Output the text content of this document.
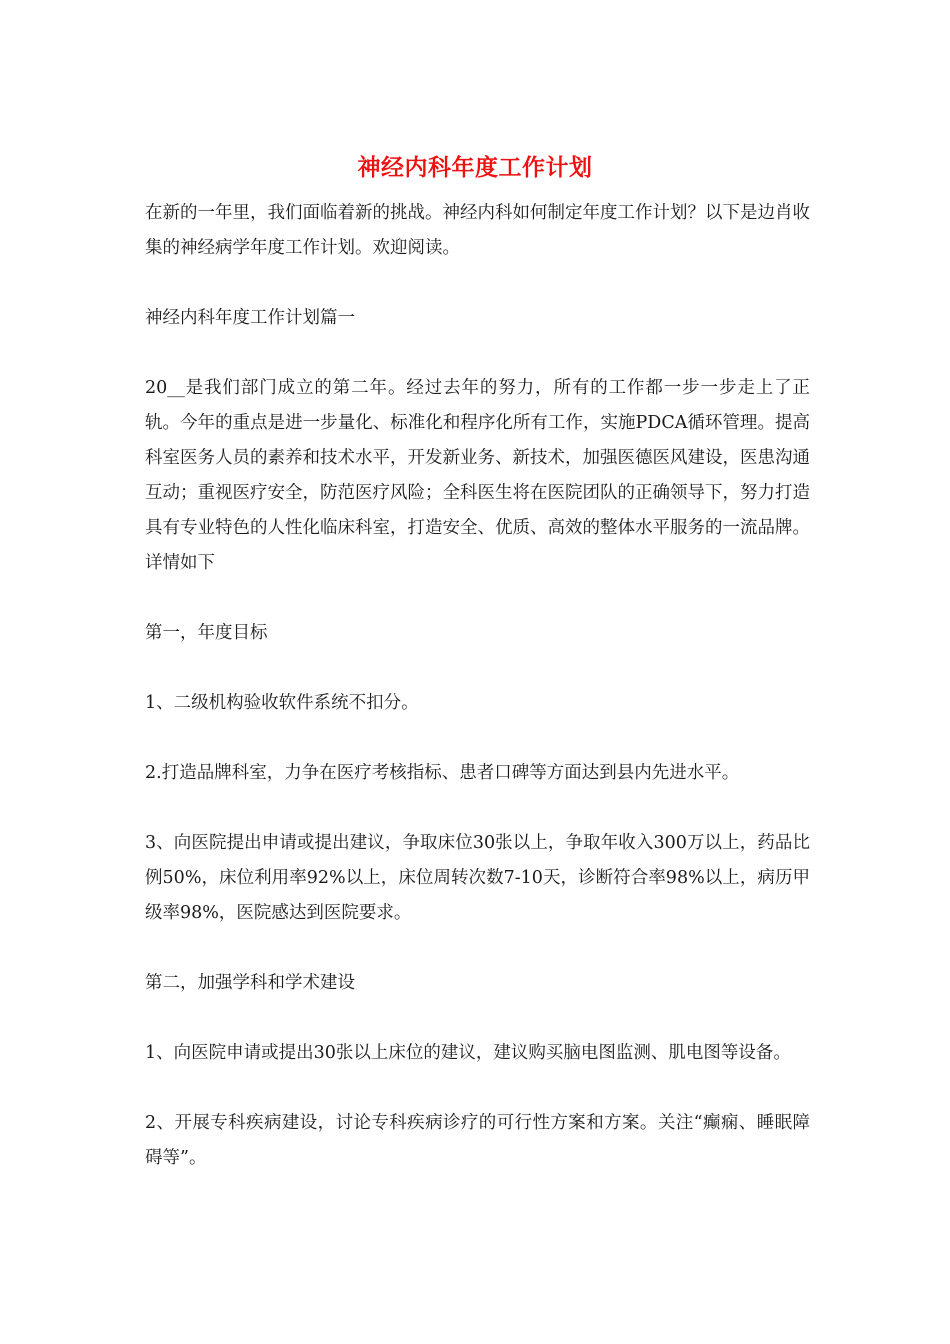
神经内科年度工作计划

在新的一年里，我们面临着新的挑战。神经内科如何制定年度工作计划？以下是边肖收集的神经病学年度工作计划。欢迎阅读。

神经内科年度工作计划篇一

20__是我们部门成立的第二年。经过去年的努力，所有的工作都一步一步走上了正轨。今年的重点是进一步量化、标准化和程序化所有工作，实施PDCA循环管理。提高科室医务人员的素养和技术水平，开发新业务、新技术，加强医德医风建设，医患沟通互动；重视医疗安全，防范医疗风险；全科医生将在医院团队的正确领导下，努力打造具有专业特色的人性化临床科室，打造安全、优质、高效的整体水平服务的一流品牌。详情如下

第一，年度目标

1、二级机构验收软件系统不扣分。

2.打造品牌科室，力争在医疗考核指标、患者口碑等方面达到县内先进水平。

3、向医院提出申请或提出建议，争取床位30张以上，争取年收入300万以上，药品比例50%，床位利用率92%以上，床位周转次数7-10天，诊断符合率98%以上，病历甲级率98%，医院感达到医院要求。

第二，加强学科和学术建设

1、向医院申请或提出30张以上床位的建议，建议购买脑电图监测、肌电图等设备。

2、开展专科疾病建设，讨论专科疾病诊疗的可行性方案和方案。关注“癫痫、睡眠障碍等”。
